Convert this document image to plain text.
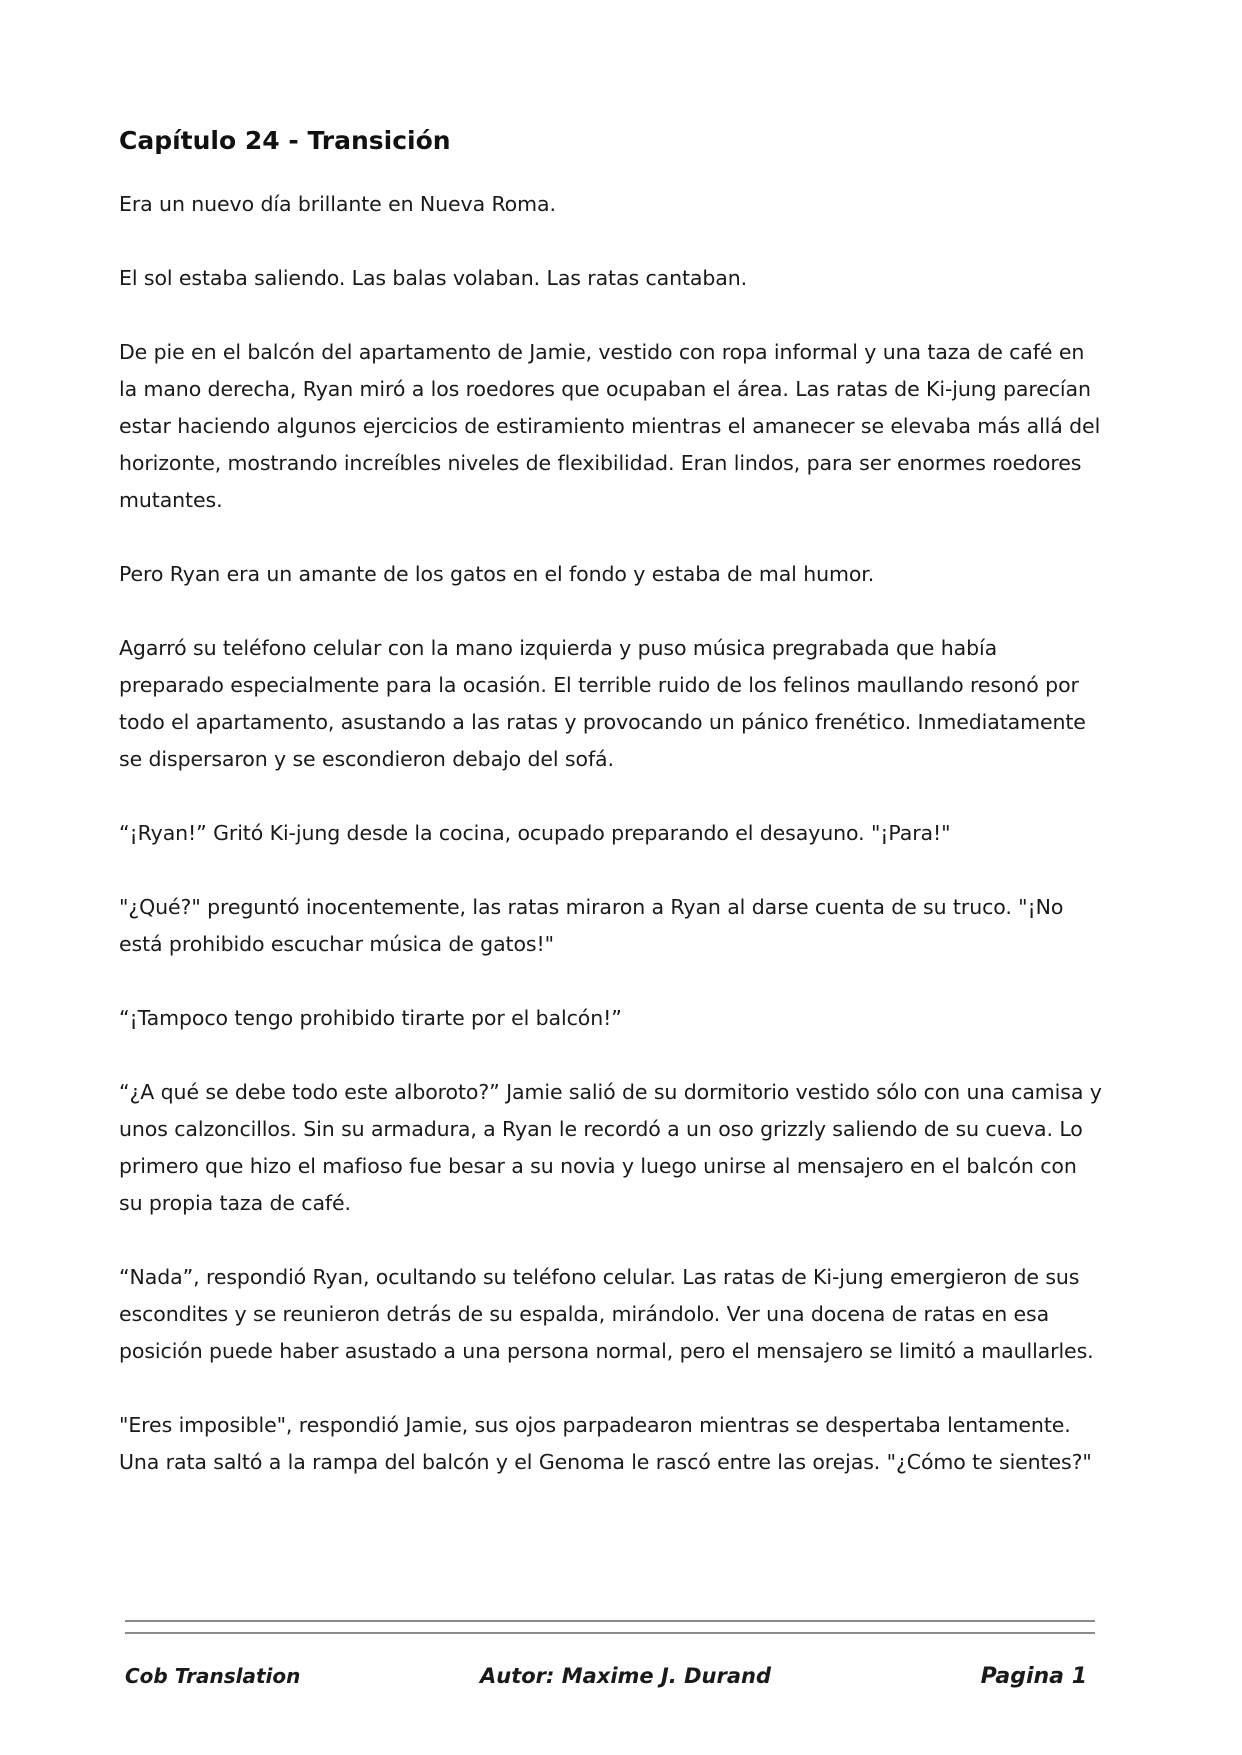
Capítulo 24 - Transición

Era un nuevo día brillante en Nueva Roma.

El sol estaba saliendo. Las balas volaban. Las ratas cantaban.

De pie en el balcón del apartamento de Jamie, vestido con ropa informal y una taza de café en la mano derecha, Ryan miró a los roedores que ocupaban el área. Las ratas de Ki-jung parecían estar haciendo algunos ejercicios de estiramiento mientras el amanecer se elevaba más allá del horizonte, mostrando increíbles niveles de flexibilidad. Eran lindos, para ser enormes roedores mutantes.

Pero Ryan era un amante de los gatos en el fondo y estaba de mal humor.

Agarró su teléfono celular con la mano izquierda y puso música pregrabada que había preparado especialmente para la ocasión. El terrible ruido de los felinos maullando resonó por todo el apartamento, asustando a las ratas y provocando un pánico frenético. Inmediatamente se dispersaron y se escondieron debajo del sofá.

“¡Ryan!” Gritó Ki-jung desde la cocina, ocupado preparando el desayuno. "¡Para!"

"¿Qué?" preguntó inocentemente, las ratas miraron a Ryan al darse cuenta de su truco. "¡No está prohibido escuchar música de gatos!"

“¡Tampoco tengo prohibido tirarte por el balcón!”

“¿A qué se debe todo este alboroto?” Jamie salió de su dormitorio vestido sólo con una camisa y unos calzoncillos. Sin su armadura, a Ryan le recordó a un oso grizzly saliendo de su cueva. Lo primero que hizo el mafioso fue besar a su novia y luego unirse al mensajero en el balcón con su propia taza de café.

“Nada”, respondió Ryan, ocultando su teléfono celular. Las ratas de Ki-jung emergieron de sus escondites y se reunieron detrás de su espalda, mirándolo. Ver una docena de ratas en esa posición puede haber asustado a una persona normal, pero el mensajero se limitó a maullarles.

"Eres imposible", respondió Jamie, sus ojos parpadearon mientras se despertaba lentamente. Una rata saltó a la rampa del balcón y el Genoma le rascó entre las orejas. "¿Cómo te sientes?"

Cob Translation	Autor: Maxime J. Durand	Pagina 1
